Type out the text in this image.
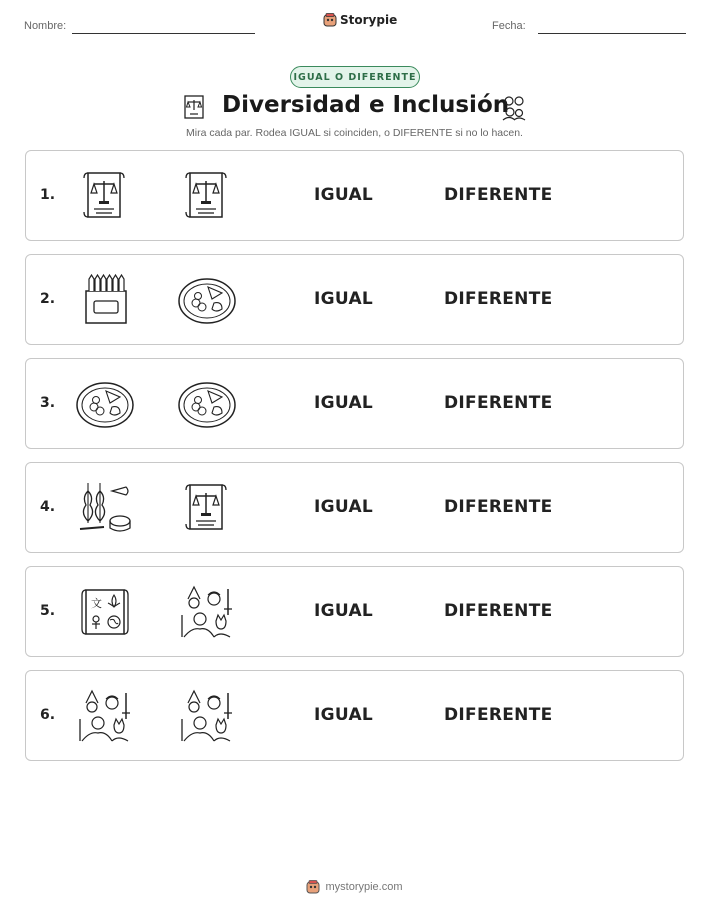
Nombre:	Storypie	Fecha:
IGUAL O DIFERENTE
Diversidad e Inclusión
Mira cada par. Rodea IGUAL si coinciden, o DIFERENTE si no lo hacen.
1.	IGUAL	DIFERENTE
2.	IGUAL	DIFERENTE
3.	IGUAL	DIFERENTE
4.	IGUAL	DIFERENTE
5.	文	IGUAL	DIFERENTE
6.	IGUAL	DIFERENTE
mystorypie.com
